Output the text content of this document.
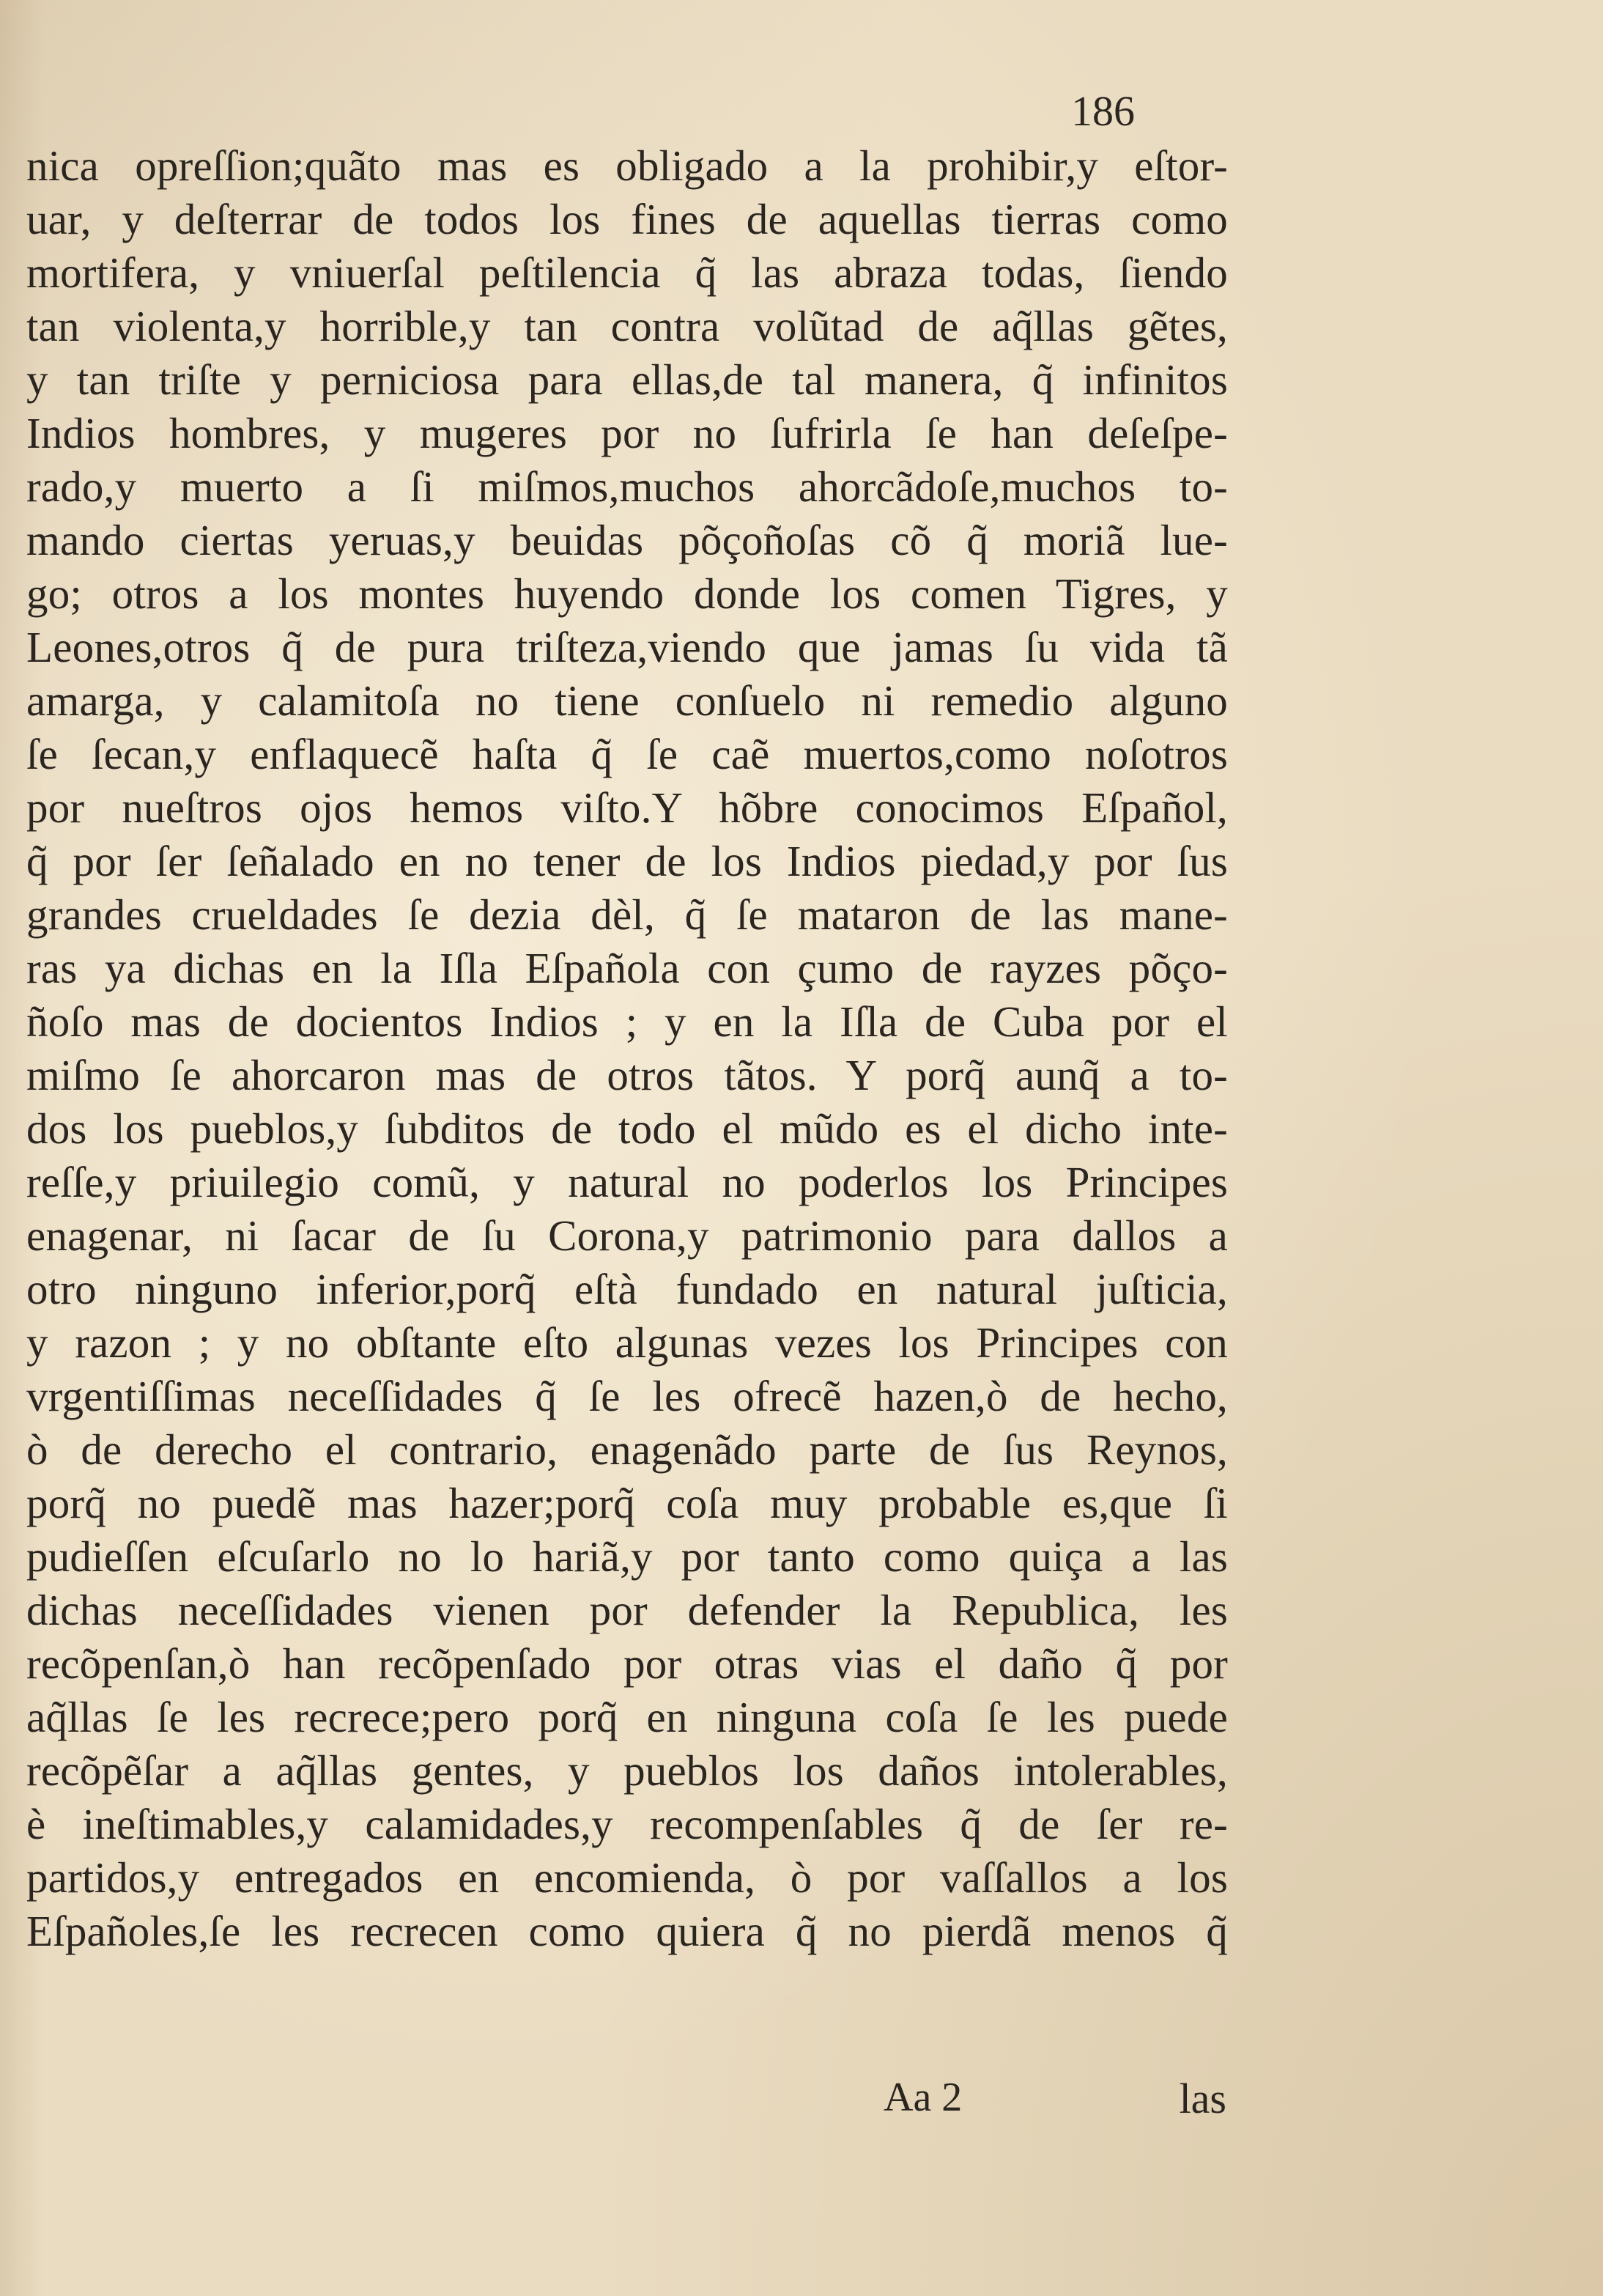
186
nica opreſſion;quãto mas es obligado a la prohibir,y eſtor-
uar, y deſterrar de todos los fines de aquellas tierras como
mortifera, y vniuerſal peſtilencia q̃ las abraza todas, ſiendo
tan violenta,y horrible,y tan contra volũtad de aq̃llas gẽtes,
y tan triſte y perniciosa para ellas,de tal manera, q̃ infinitos
Indios hombres, y mugeres por no ſufrirla ſe han deſeſpe-
rado,y muerto a ſi miſmos,muchos ahorcãdoſe,muchos to-
mando ciertas yeruas,y beuidas põçoñoſas cõ q̃ moriã lue-
go; otros a los montes huyendo donde los comen Tigres, y
Leones,otros q̃ de pura triſteza,viendo que jamas ſu vida tã
amarga, y calamitoſa no tiene conſuelo ni remedio alguno
ſe ſecan,y enflaquecẽ haſta q̃ ſe caẽ muertos,como noſotros
por nueſtros ojos hemos viſto.Y hõbre conocimos Eſpañol,
q̃ por ſer ſeñalado en no tener de los Indios piedad,y por ſus
grandes crueldades ſe dezia dèl, q̃ ſe mataron de las mane-
ras ya dichas en la Iſla Eſpañola con çumo de rayzes põço-
ñoſo mas de docientos Indios ; y en la Iſla de Cuba por el
miſmo ſe ahorcaron mas de otros tãtos. Y porq̃ aunq̃ a to-
dos los pueblos,y ſubditos de todo el mũdo es el dicho inte-
reſſe,y priuilegio comũ, y natural no poderlos los Principes
enagenar, ni ſacar de ſu Corona,y patrimonio para dallos a
otro ninguno inferior,porq̃ eſtà fundado en natural juſticia,
y razon ; y no obſtante eſto algunas vezes los Principes con
vrgentiſſimas neceſſidades q̃ ſe les ofrecẽ hazen,ò de hecho,
ò de derecho el contrario, enagenãdo parte de ſus Reynos,
porq̃ no puedẽ mas hazer;porq̃ coſa muy probable es,que ſi
pudieſſen eſcuſarlo no lo hariã,y por tanto como quiça a las
dichas neceſſidades vienen por defender la Republica, les
recõpenſan,ò han recõpenſado por otras vias el daño q̃ por
aq̃llas ſe les recrece;pero porq̃ en ninguna coſa ſe les puede
recõpẽſar a aq̃llas gentes, y pueblos los daños intolerables,
è ineſtimables,y calamidades,y recompenſables q̃ de ſer re-
partidos,y entregados en encomienda, ò por vaſſallos a los
Eſpañoles,ſe les recrecen como quiera q̃ no pierdã menos q̃
Aa 2	las
